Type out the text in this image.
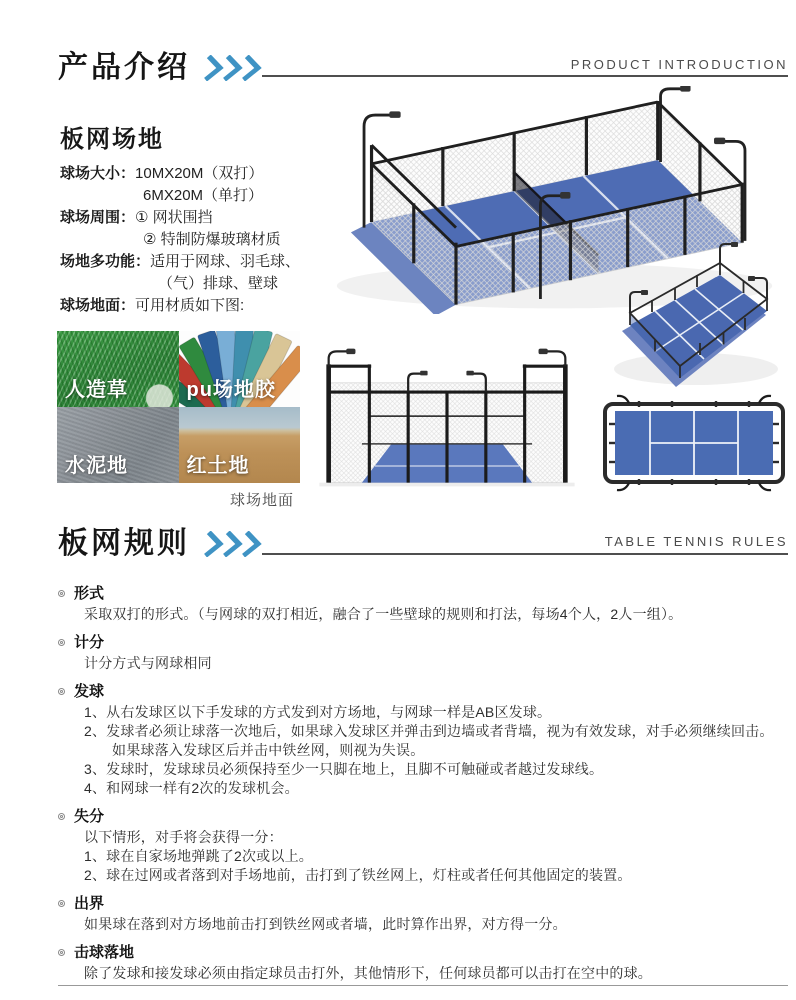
产品介绍	PRODUCT INTRODUCTION
板网场地
球场大小： 10MX20M（双打）
6MX20M（单打）
球场周围： ① 网状围挡
② 特制防爆玻璃材质
场地多功能： 适用于网球、羽毛球、
（气）排球、壁球
球场地面： 可用材质如下图:
人造草	pu场地胶
水泥地	红土地
球场地面
板网规则	TABLE TENNIS RULES
形式
采取双打的形式。（与网球的双打相近，融合了一些壁球的规则和打法，每场4个人，2人一组）。
计分
计分方式与网球相同
发球
1、从右发球区以下手发球的方式发到对方场地，与网球一样是AB区发球。
2、发球者必须让球落一次地后，如果球入发球区并弹击到边墙或者背墙，视为有效发球，对手必须继续回击。
如果球落入发球区后并击中铁丝网，则视为失误。
3、发球时，发球球员必须保持至少一只脚在地上，且脚不可触碰或者越过发球线。
4、和网球一样有2次的发球机会。
失分
以下情形，对手将会获得一分：
1、球在自家场地弹跳了2次或以上。
2、球在过网或者落到对手场地前，击打到了铁丝网上，灯柱或者任何其他固定的装置。
出界
如果球在落到对方场地前击打到铁丝网或者墙，此时算作出界，对方得一分。
击球落地
除了发球和接发球必须由指定球员击打外，其他情形下，任何球员都可以击打在空中的球。
